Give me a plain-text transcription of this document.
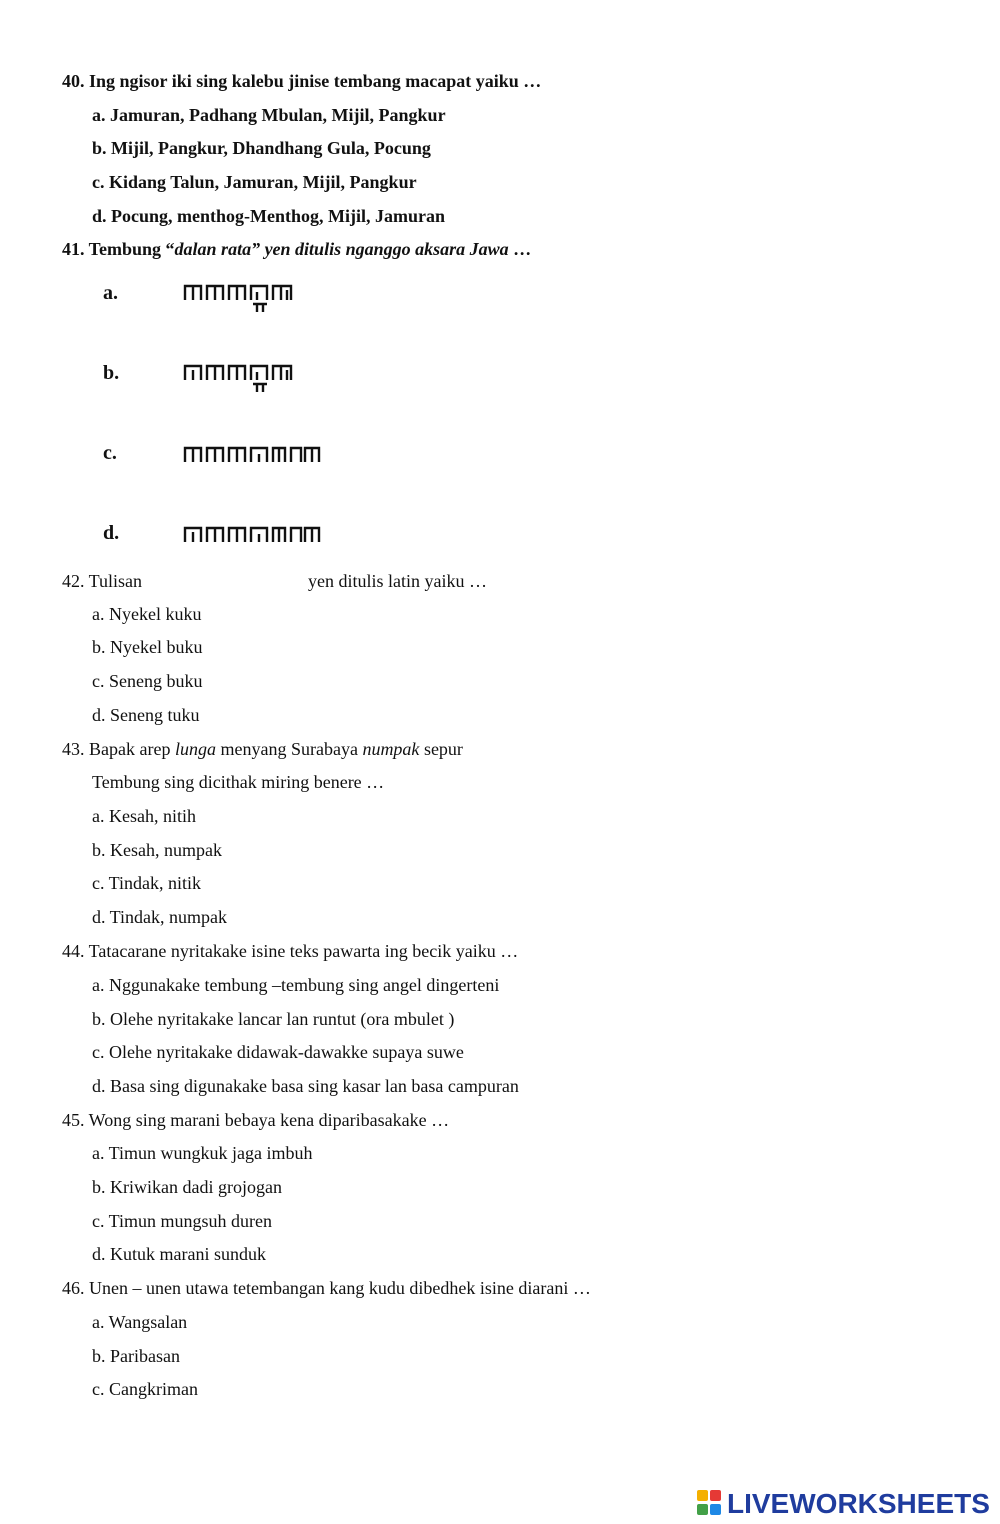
40. Ing ngisor iki sing kalebu jinise tembang macapat yaiku …
a. Jamuran, Padhang Mbulan, Mijil, Pangkur
b. Mijil, Pangkur, Dhandhang Gula, Pocung
c. Kidang Talun, Jamuran, Mijil, Pangkur
d. Pocung, menthog-Menthog, Mijil, Jamuran
41. Tembung “dalan rata” yen ditulis nganggo aksara Jawa …
a.
b.
c.
d.
42. Tulisan	yen ditulis latin yaiku …
a. Nyekel kuku
b. Nyekel buku
c. Seneng buku
d. Seneng tuku
43. Bapak arep lunga menyang Surabaya numpak sepur
Tembung sing dicithak miring benere …
a. Kesah, nitih
b. Kesah, numpak
c. Tindak, nitik
d. Tindak, numpak
44. Tatacarane nyritakake isine teks pawarta ing becik yaiku …
a. Nggunakake tembung –tembung sing angel dingerteni
b. Olehe nyritakake lancar lan runtut (ora mbulet )
c. Olehe nyritakake didawak-dawakke supaya suwe
d. Basa sing digunakake basa sing kasar lan basa campuran
45. Wong sing marani bebaya kena diparibasakake …
a. Timun wungkuk jaga imbuh
b. Kriwikan dadi grojogan
c. Timun mungsuh duren
d. Kutuk marani sunduk
46. Unen – unen utawa tetembangan kang kudu dibedhek isine diarani …
a. Wangsalan
b. Paribasan
c. Cangkriman
LIVEWORKSHEETS
